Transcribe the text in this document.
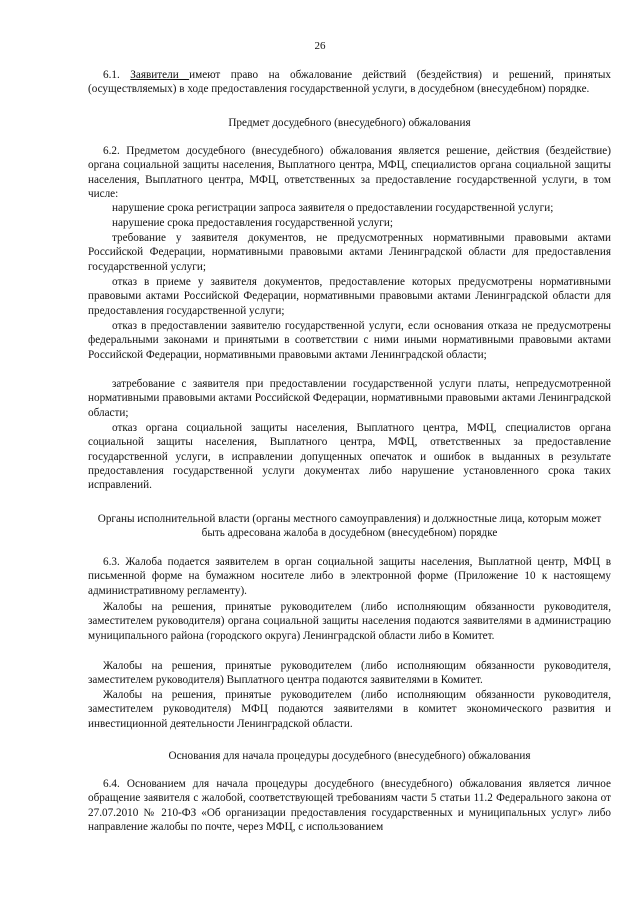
26

6.1. Заявители имеют право на обжалование действий (бездействия) и решений, принятых (осуществляемых) в ходе предоставления государственной услуги, в досудебном (внесудебном) порядке.

Предмет досудебного (внесудебного) обжалования

6.2. Предметом досудебного (внесудебного) обжалования является решение, действия (бездействие) органа социальной защиты населения, Выплатного центра, МФЦ, специалистов органа социальной защиты населения, Выплатного центра, МФЦ, ответственных за предоставление государственной услуги, в том числе:

нарушение срока регистрации запроса заявителя о предоставлении государственной услуги;

нарушение срока предоставления государственной услуги;

требование у заявителя документов, не предусмотренных нормативными правовыми актами Российской Федерации, нормативными правовыми актами Ленинградской области для предоставления государственной услуги;

отказ в приеме у заявителя документов, предоставление которых предусмотрены нормативными правовыми актами Российской Федерации, нормативными правовыми актами Ленинградской области для предоставления государственной услуги;

отказ в предоставлении заявителю государственной услуги, если основания отказа не предусмотрены федеральными законами и принятыми в соответствии с ними иными нормативными правовыми актами Российской Федерации, нормативными правовыми актами Ленинградской области;

затребование с заявителя при предоставлении государственной услуги платы, непредусмотренной нормативными правовыми актами Российской Федерации, нормативными правовыми актами Ленинградской области;

отказ органа социальной защиты населения, Выплатного центра, МФЦ, специалистов органа социальной защиты населения, Выплатного центра, МФЦ, ответственных за предоставление государственной услуги, в исправлении допущенных опечаток и ошибок в выданных в результате предоставления государственной услуги документах либо нарушение установленного срока таких исправлений.

Органы исполнительной власти (органы местного самоуправления) и должностные лица, которым может быть адресована жалоба в досудебном (внесудебном) порядке

6.3. Жалоба подается заявителем в орган социальной защиты населения, Выплатной центр, МФЦ в письменной форме на бумажном носителе либо в электронной форме (Приложение 10 к настоящему административному регламенту).

Жалобы на решения, принятые руководителем (либо исполняющим обязанности руководителя, заместителем руководителя) органа социальной защиты населения подаются заявителями в администрацию муниципального района (городского округа) Ленинградской области либо в Комитет.

Жалобы на решения, принятые руководителем (либо исполняющим обязанности руководителя, заместителем руководителя) Выплатного центра подаются заявителями в Комитет.

Жалобы на решения, принятые руководителем (либо исполняющим обязанности руководителя, заместителем руководителя) МФЦ подаются заявителями в комитет экономического развития и инвестиционной деятельности Ленинградской области.

Основания для начала процедуры досудебного (внесудебного) обжалования

6.4. Основанием для начала процедуры досудебного (внесудебного) обжалования является личное обращение заявителя с жалобой, соответствующей требованиям части 5 статьи 11.2 Федерального закона от 27.07.2010 № 210-ФЗ «Об организации предоставления государственных и муниципальных услуг» либо направление жалобы по почте, через МФЦ, с использованием
